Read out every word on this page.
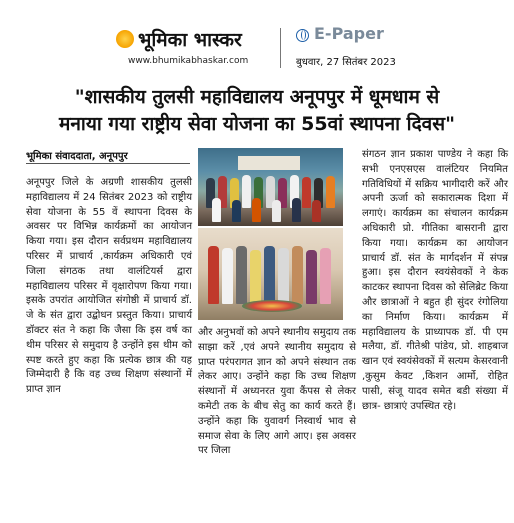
भूमिका भास्कर
www.bhumikabhaskar.com
E-Paper
बुधवार, 27 सितंबर 2023
"शासकीय तुलसी महाविद्यालय अनूपपुर में धूमधाम से
मनाया गया राष्ट्रीय सेवा योजना का 55वां स्थापना दिवस"
भूमिका संवाददाता, अनूपपुर

अनूपपुर जिले के अग्रणी शासकीय तुलसी महाविद्यालय में 24 सितंबर 2023 को राष्ट्रीय सेवा योजना के 55 वें स्थापना दिवस के अवसर पर विभिन्न कार्यक्रमों का आयोजन किया गया। इस दौरान सर्वप्रथम महाविद्यालय परिसर में प्राचार्य ,कार्यक्रम अधिकारी एवं जिला संगठक तथा वालंटियर्स द्वारा महाविद्यालय परिसर में वृक्षारोपण किया गया। इसके उपरांत आयोजित संगोष्ठी में प्राचार्य डॉ. जे के संत द्वारा उद्बोधन प्रस्तुत किया। प्राचार्य डॉक्टर संत ने कहा कि जैसा कि इस वर्ष का थीम परिसर से समुदाय है उन्होंने इस थीम को स्पष्ट करते हुए कहा कि प्रत्येक छात्र की यह जिम्मेदारी है कि वह उच्च शिक्षण संस्थानों में प्राप्त ज्ञान

और अनुभवों को अपने स्थानीय समुदाय तक साझा करें ,एवं अपने स्थानीय समुदाय से प्राप्त परंपरागत ज्ञान को अपने संस्थान तक लेकर आए। उन्होंने कहा कि उच्च शिक्षण संस्थानों में अध्यनरत युवा कैंपस से लेकर कमेटी तक के बीच सेतु का कार्य करते हैं। उन्होंने कहा कि युवावर्ग निस्वार्थ भाव से समाज सेवा के लिए आगे आए। इस अवसर पर जिला

संगठन ज्ञान प्रकाश पाण्डेय ने कहा कि सभी एनएसएस वालंटियर नियमित गतिविधियों में सक्रिय भागीदारी करें और अपनी ऊर्जा को सकारात्मक दिशा में लगाएं। कार्यक्रम का संचालन कार्यक्रम अधिकारी प्रो. गीतिका बासरानी द्वारा किया गया। कार्यक्रम का आयोजन प्राचार्य डॉ. संत के मार्गदर्शन में संपन्न हुआ। इस दौरान स्वयंसेवकों ने केक काटकर स्थापना दिवस को सेलिब्रेट किया और छात्राओं ने बहुत ही सुंदर रंगोलिया का निर्माण किया। कार्यक्रम में महाविद्यालय के प्राध्यापक डॉ. पी एम मलैया, डॉ. गीतेश्री पांडेय, प्रो. शाहबाज खान एवं स्वयंसेवकों में सत्यम केसरवानी ,कुसुम केवट ,किशन आर्मो, रोहित पासी, संजू यादव समेत बडी संख्या में छात्र- छात्राएं उपस्थित रहे।
